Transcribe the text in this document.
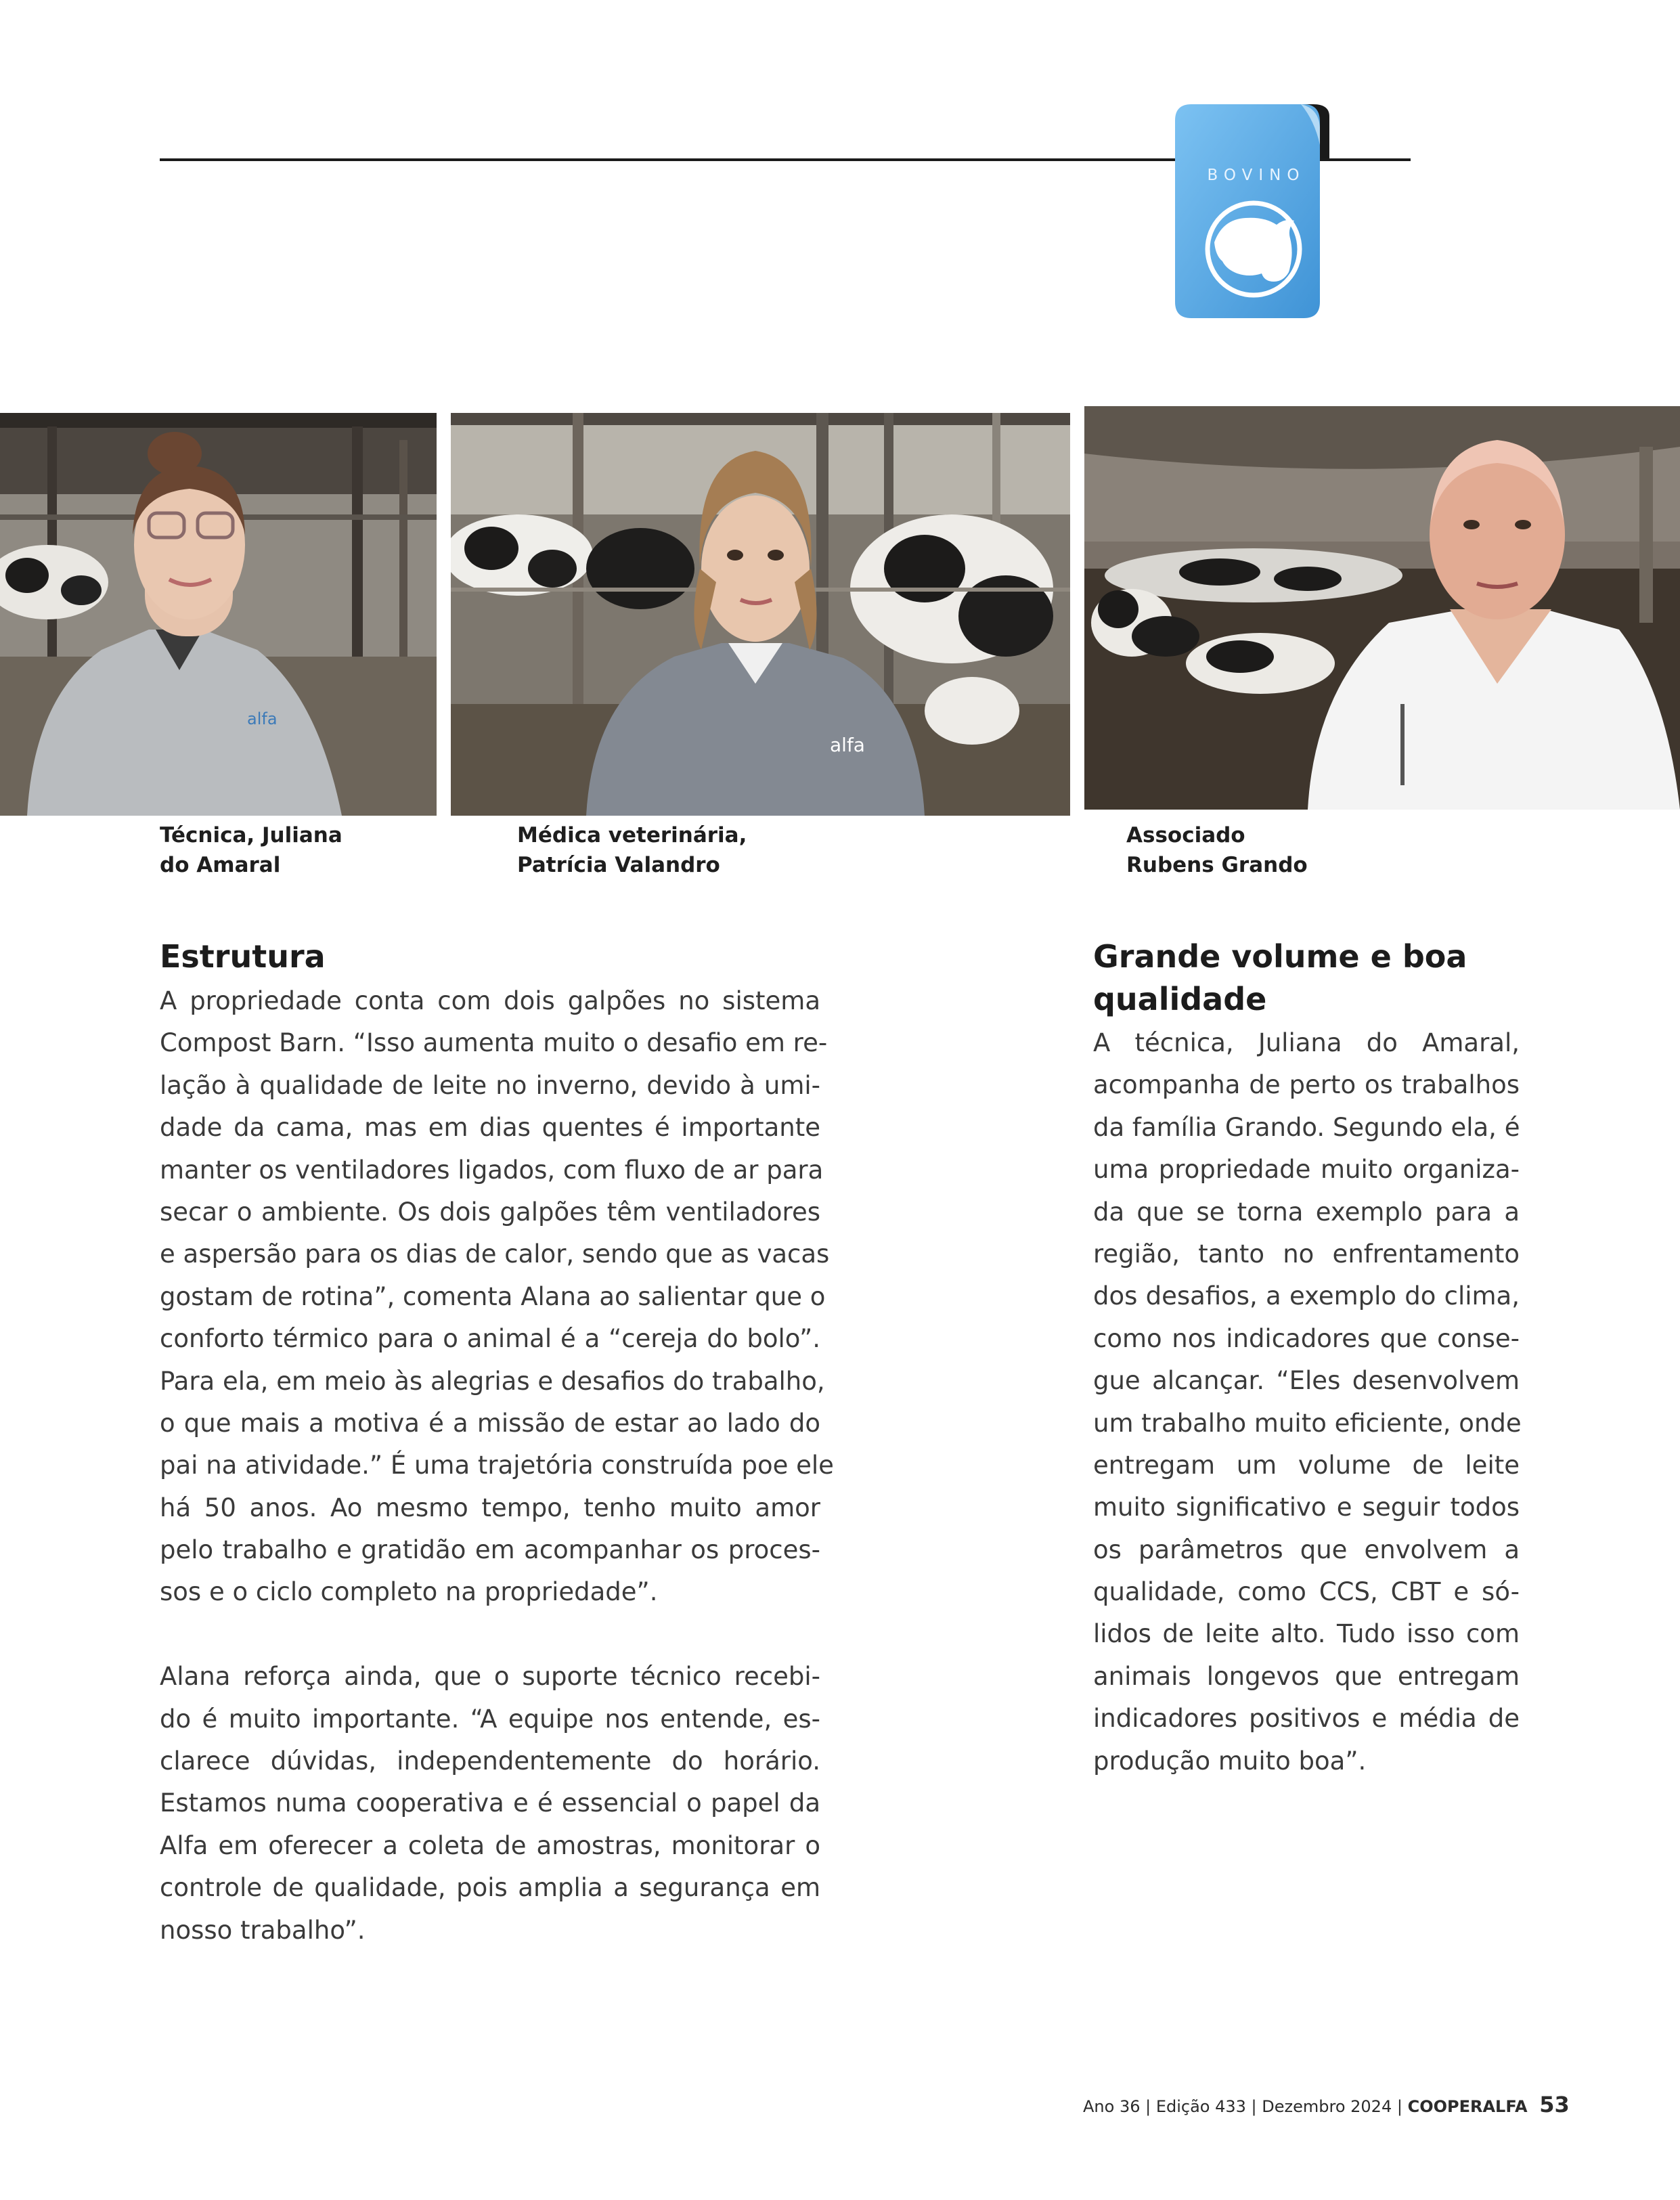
BOVINO
alfa
alfa
Técnica, Juliana
do Amaral
Médica veterinária,
Patrícia Valandro
Associado
Rubens Grando
Estrutura
A propriedade conta com dois galpões no sistema
Compost Barn. “Isso aumenta muito o desafio em re-
lação à qualidade de leite no inverno, devido à umi-
dade da cama, mas em dias quentes é importante
manter os ventiladores ligados, com fluxo de ar para
secar o ambiente. Os dois galpões têm ventiladores
e aspersão para os dias de calor, sendo que as vacas
gostam de rotina”, comenta Alana ao salientar que o
conforto térmico para o animal é a “cereja do bolo”.
Para ela, em meio às alegrias e desafios do trabalho,
o que mais a motiva é a missão de estar ao lado do
pai na atividade.” É uma trajetória construída poe ele
há 50 anos. Ao mesmo tempo, tenho muito amor
pelo trabalho e gratidão em acompanhar os proces-
sos e o ciclo completo na propriedade”.
Alana reforça ainda, que o suporte técnico recebi-
do é muito importante. “A equipe nos entende, es-
clarece dúvidas, independentemente do horário.
Estamos numa cooperativa e é essencial o papel da
Alfa em oferecer a coleta de amostras, monitorar o
controle de qualidade, pois amplia a segurança em
nosso trabalho”.
Grande volume e boa
qualidade
A técnica, Juliana do Amaral,
acompanha de perto os trabalhos
da família Grando. Segundo ela, é
uma propriedade muito organiza-
da que se torna exemplo para a
região, tanto no enfrentamento
dos desafios, a exemplo do clima,
como nos indicadores que conse-
gue alcançar. “Eles desenvolvem
um trabalho muito eficiente, onde
entregam um volume de leite
muito significativo e seguir todos
os parâmetros que envolvem a
qualidade, como CCS, CBT e só-
lidos de leite alto. Tudo isso com
animais longevos que entregam
indicadores positivos e média de
produção muito boa”.
Ano 36 | Edição 433 | Dezembro 2024 | COOPERALFA 53
